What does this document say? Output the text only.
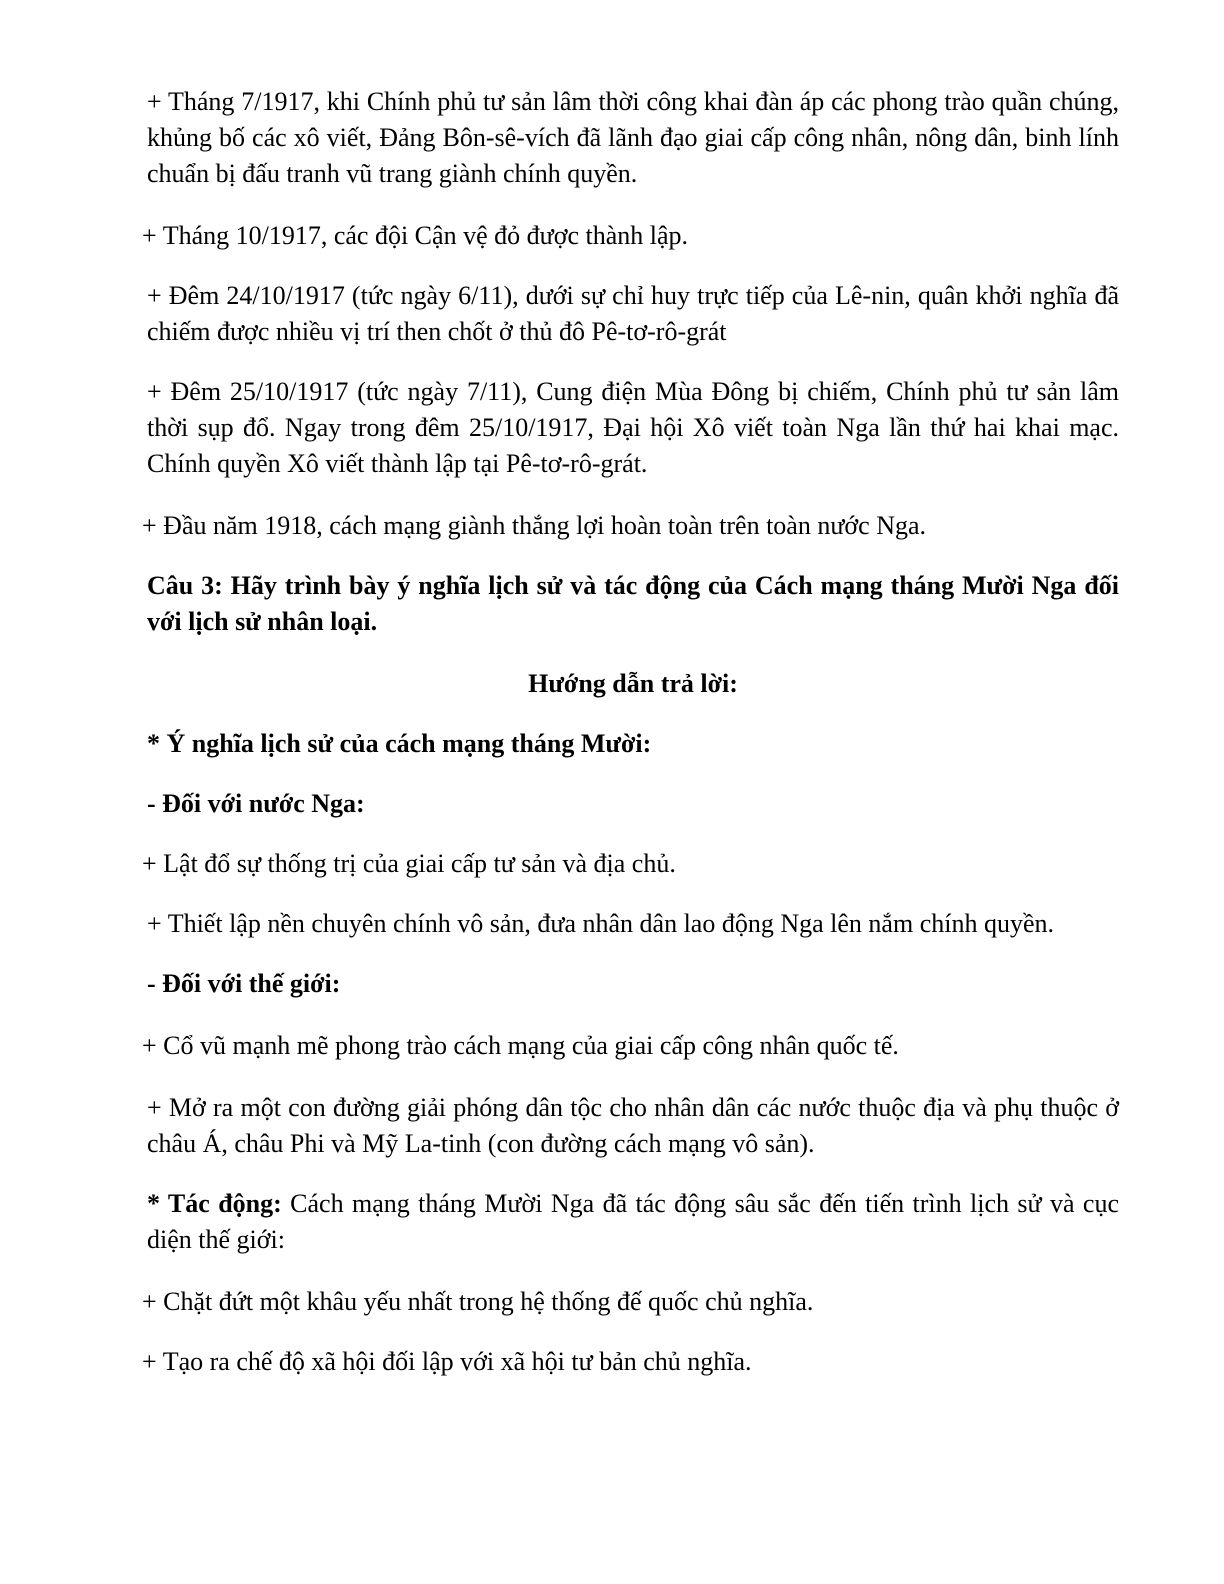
+ Tháng 7/1917, khi Chính phủ tư sản lâm thời công khai đàn áp các phong trào quần chúng, khủng bố các xô viết, Đảng Bôn-sê-vích đã lãnh đạo giai cấp công nhân, nông dân, binh lính chuẩn bị đấu tranh vũ trang giành chính quyền.

+ Tháng 10/1917, các đội Cận vệ đỏ được thành lập.

+ Đêm 24/10/1917 (tức ngày 6/11), dưới sự chỉ huy trực tiếp của Lê-nin, quân khởi nghĩa đã chiếm được nhiều vị trí then chốt ở thủ đô Pê-tơ-rô-grát

+ Đêm 25/10/1917 (tức ngày 7/11), Cung điện Mùa Đông bị chiếm, Chính phủ tư sản lâm thời sụp đổ. Ngay trong đêm 25/10/1917, Đại hội Xô viết toàn Nga lần thứ hai khai mạc. Chính quyền Xô viết thành lập tại Pê-tơ-rô-grát.

+ Đầu năm 1918, cách mạng giành thắng lợi hoàn toàn trên toàn nước Nga.

Câu 3: Hãy trình bày ý nghĩa lịch sử và tác động của Cách mạng tháng Mười Nga đối với lịch sử nhân loại.

Hướng dẫn trả lời:

* Ý nghĩa lịch sử của cách mạng tháng Mười:

- Đối với nước Nga:

+ Lật đổ sự thống trị của giai cấp tư sản và địa chủ.

+ Thiết lập nền chuyên chính vô sản, đưa nhân dân lao động Nga lên nắm chính quyền.

- Đối với thế giới:

+ Cổ vũ mạnh mẽ phong trào cách mạng của giai cấp công nhân quốc tế.

+ Mở ra một con đường giải phóng dân tộc cho nhân dân các nước thuộc địa và phụ thuộc ở châu Á, châu Phi và Mỹ La-tinh (con đường cách mạng vô sản).

* Tác động: Cách mạng tháng Mười Nga đã tác động sâu sắc đến tiến trình lịch sử và cục diện thế giới:

+ Chặt đứt một khâu yếu nhất trong hệ thống đế quốc chủ nghĩa.

+ Tạo ra chế độ xã hội đối lập với xã hội tư bản chủ nghĩa.
